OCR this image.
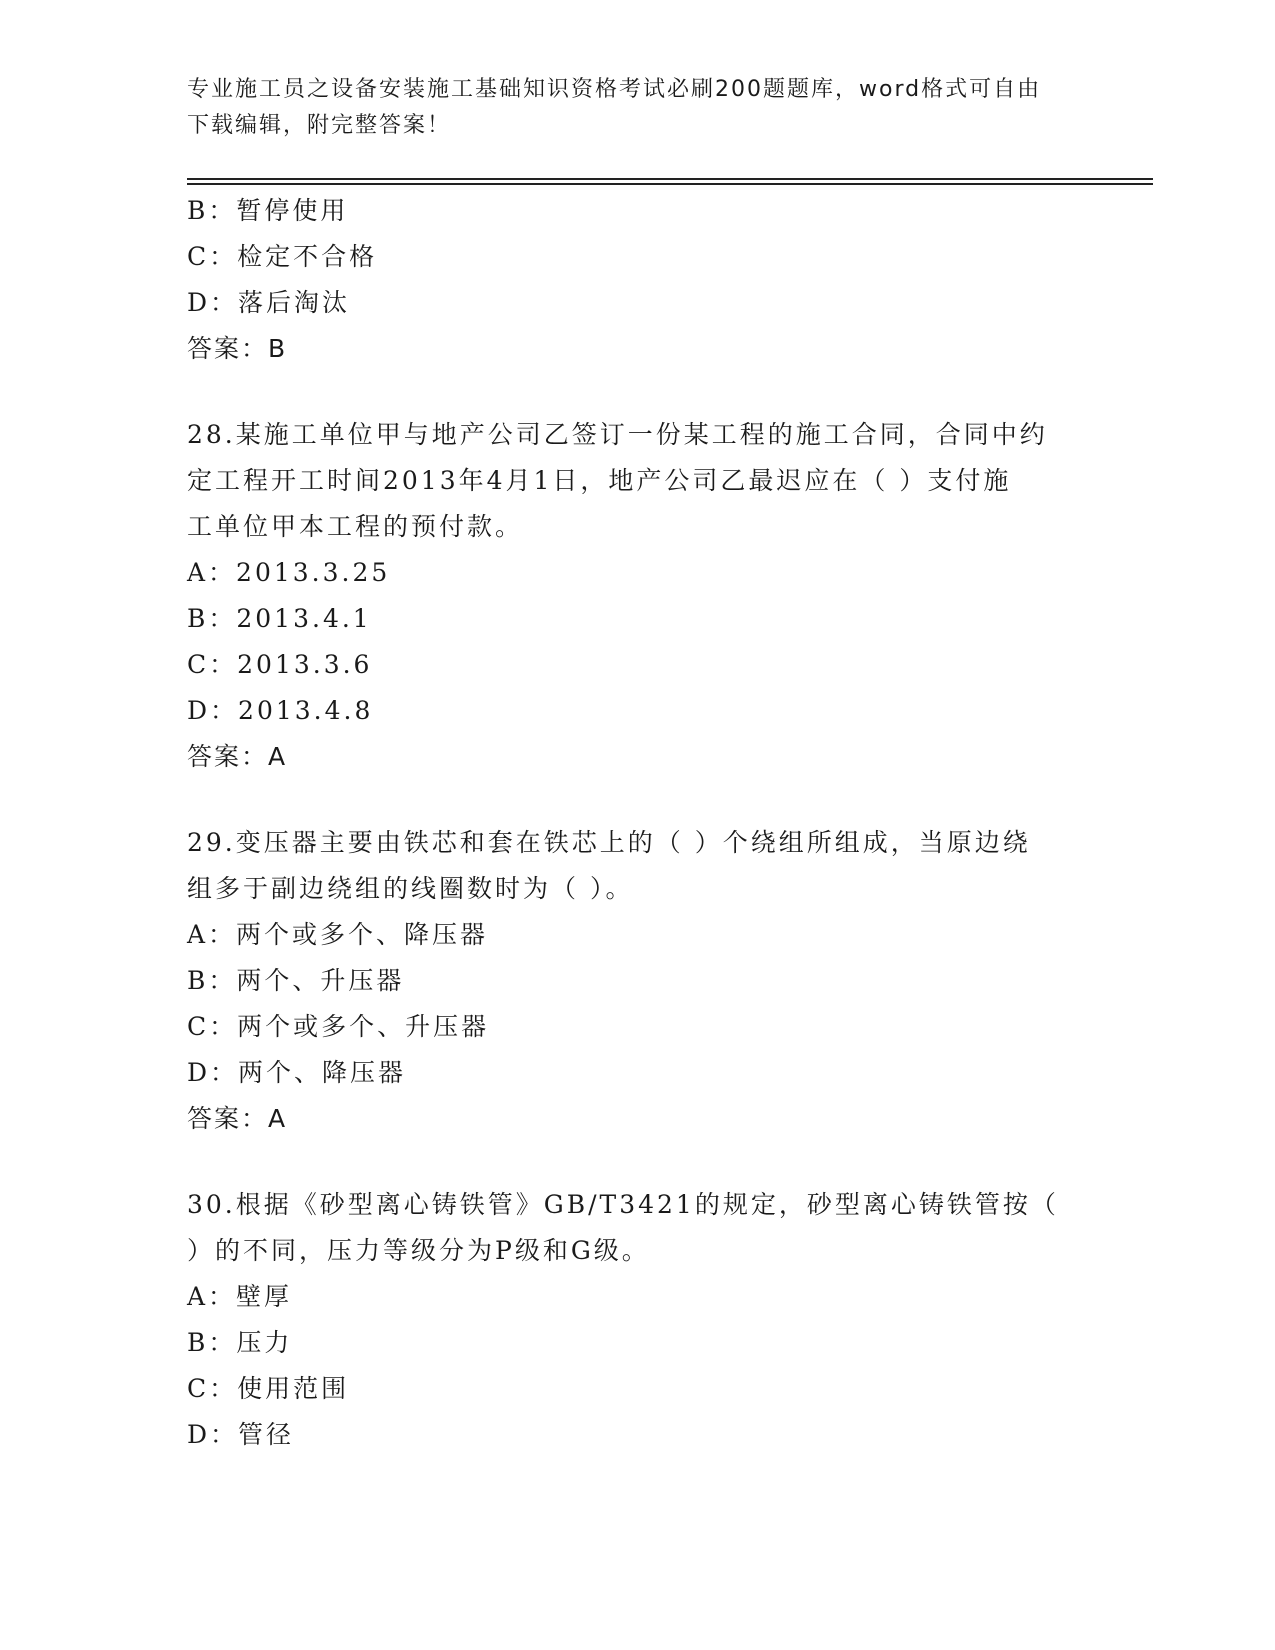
专业施工员之设备安装施工基础知识资格考试必刷200题题库，word格式可自由
下载编辑，附完整答案！
B：暂停使用
C：检定不合格
D：落后淘汰
答案：B
28.某施工单位甲与地产公司乙签订一份某工程的施工合同，合同中约
定工程开工时间2013年4月1日，地产公司乙最迟应在（ ）支付施
工单位甲本工程的预付款。
A：2013.3.25
B：2013.4.1
C：2013.3.6
D：2013.4.8
答案：A
29.变压器主要由铁芯和套在铁芯上的（ ）个绕组所组成，当原边绕
组多于副边绕组的线圈数时为（ ）。
A：两个或多个、降压器
B：两个、升压器
C：两个或多个、升压器
D：两个、降压器
答案：A
30.根据《砂型离心铸铁管》GB/T3421的规定，砂型离心铸铁管按（
）的不同，压力等级分为P级和G级。
A：壁厚
B：压力
C：使用范围
D：管径
